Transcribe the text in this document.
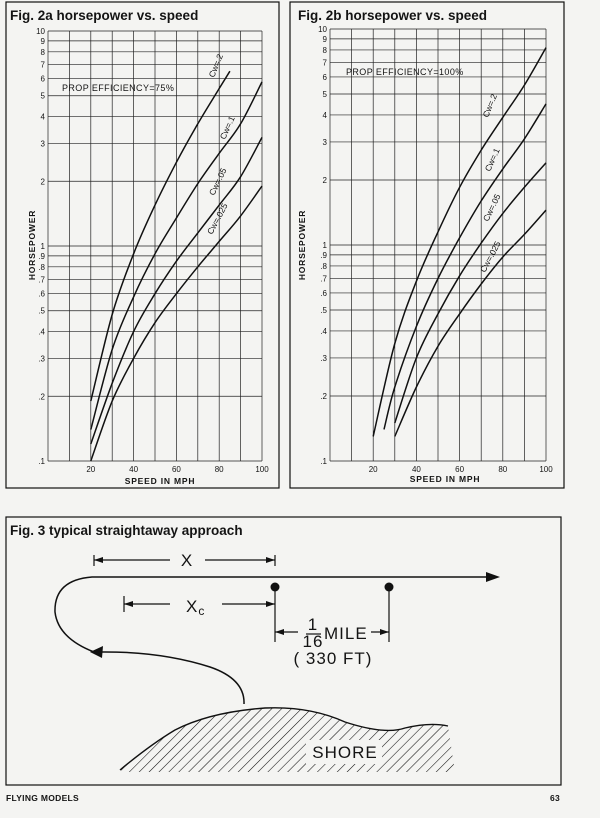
Fig. 2a horsepower vs. speed
HORSEPOWER
SPEED IN MPH
PROP EFFICIENCY=75%
.1
.2
.3
.4
.5
.6
.7
.8
.9
1
2
3
4
5
6
7
8
9
10
20	40	60	80	100
Cw=.2
Cw=.1
Cw=.05
Cw=.025
Fig. 2b horsepower vs. speed
HORSEPOWER
SPEED IN MPH
PROP EFFICIENCY=100%
.1
.2
.3
.4
.5
.6
.7
.8
.9
1
2
3
4
5
6
7
8
9
10
20	40	60	80	100
Cw=.2
Cw=.1
Cw=.05
Cw=.025
Fig. 3 typical straightaway approach
X
Xc
1
16 MILE
( 330 FT)
SHORE
FLYING MODELS	63
